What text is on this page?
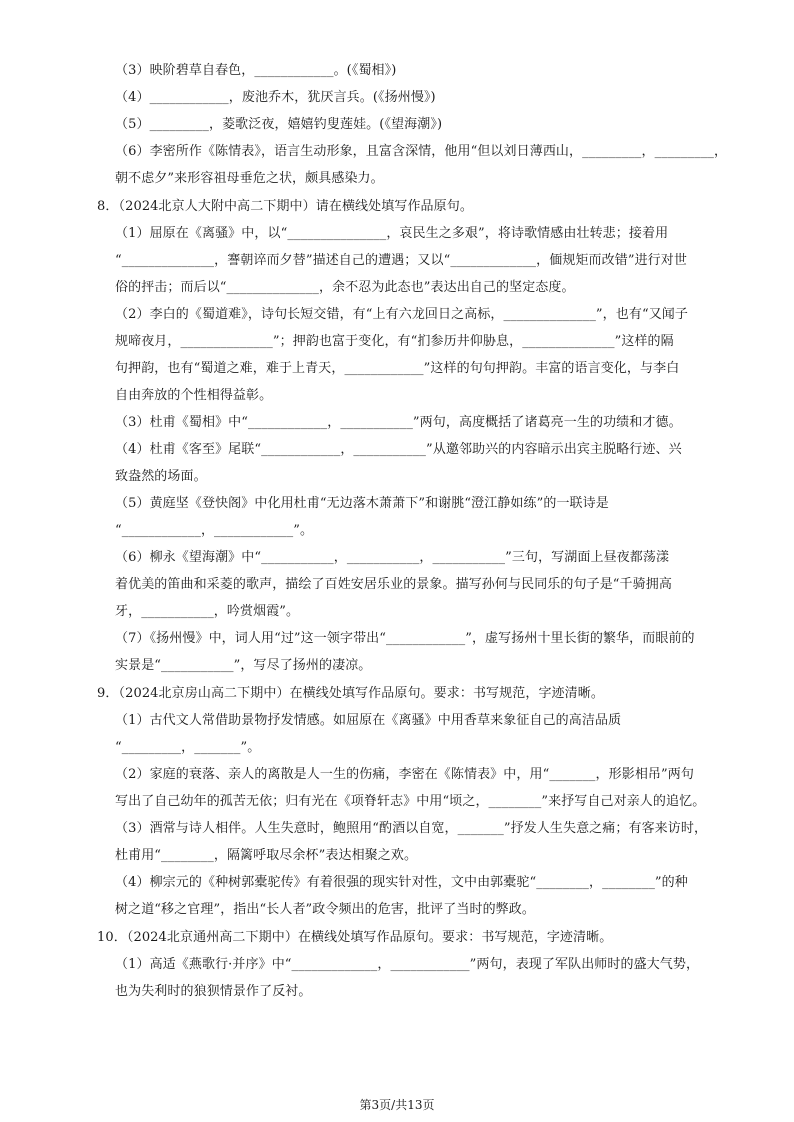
（3）映阶碧草自春色，____________。(《蜀相》)
（4）____________，废池乔木，犹厌言兵。(《扬州慢》)
（5）_________，菱歌泛夜，嬉嬉钓叟莲娃。(《望海潮》)
（6）李密所作《陈情表》，语言生动形象，且富含深情，他用“但以刘日薄西山，_________，_________，
朝不虑夕”来形容祖母垂危之状，颇具感染力。
8．（2024北京人大附中高二下期中）请在横线处填写作品原句。
（1）屈原在《离骚》中，以“_______________，哀民生之多艰”，将诗歌情感由壮转悲；接着用
“______________，謇朝谇而夕替”描述自己的遭遇；又以“_____________，偭规矩而改错”进行对世
俗的抨击；而后以“______________，余不忍为此态也”表达出自己的坚定态度。
（2）李白的《蜀道难》，诗句长短交错，有“上有六龙回日之高标，______________”，也有“又闻子
规啼夜月，______________”；押韵也富于变化，有“扪参历井仰胁息，______________”这样的隔
句押韵，也有“蜀道之难，难于上青天，____________”这样的句句押韵。丰富的语言变化，与李白
自由奔放的个性相得益彰。
（3）杜甫《蜀相》中“____________，___________”两句，高度概括了诸葛亮一生的功绩和才德。
（4）杜甫《客至》尾联“____________，___________”从邀邻助兴的内容暗示出宾主脱略行迹、兴
致盎然的场面。
（5）黄庭坚《登快阁》中化用杜甫“无边落木萧萧下”和谢朓“澄江静如练”的一联诗是
“____________，____________”。
（6）柳永《望海潮》中“___________，___________，___________”三句，写湖面上昼夜都荡漾
着优美的笛曲和采菱的歌声，描绘了百姓安居乐业的景象。描写孙何与民同乐的句子是“千骑拥高
牙，___________，吟赏烟霞”。
（7）《扬州慢》中，词人用“过”这一领字带出“____________”，虚写扬州十里长街的繁华，而眼前的
实景是“___________”，写尽了扬州的凄凉。
9．（2024北京房山高二下期中）在横线处填写作品原句。要求：书写规范，字迹清晰。
（1）古代文人常借助景物抒发情感。如屈原在《离骚》中用香草来象征自己的高洁品质
“_________，_______”。
（2）家庭的衰落、亲人的离散是人一生的伤痛，李密在《陈情表》中，用“_______，形影相吊”两句
写出了自己幼年的孤苦无依；归有光在《项脊轩志》中用“顷之，________”来抒写自己对亲人的追忆。
（3）酒常与诗人相伴。人生失意时，鲍照用“酌酒以自宽，_______”抒发人生失意之痛；有客来访时，
杜甫用“________，隔篱呼取尽余杯”表达相聚之欢。
（4）柳宗元的《种树郭橐驼传》有着很强的现实针对性，文中由郭橐驼“________，________”的种
树之道“移之官理”，指出“长人者”政令频出的危害，批评了当时的弊政。
10．（2024北京通州高二下期中）在横线处填写作品原句。要求：书写规范，字迹清晰。
（1）高适《燕歌行·并序》中“_____________，____________”两句，表现了军队出师时的盛大气势，
也为失利时的狼狈情景作了反衬。
第3页/共13页
